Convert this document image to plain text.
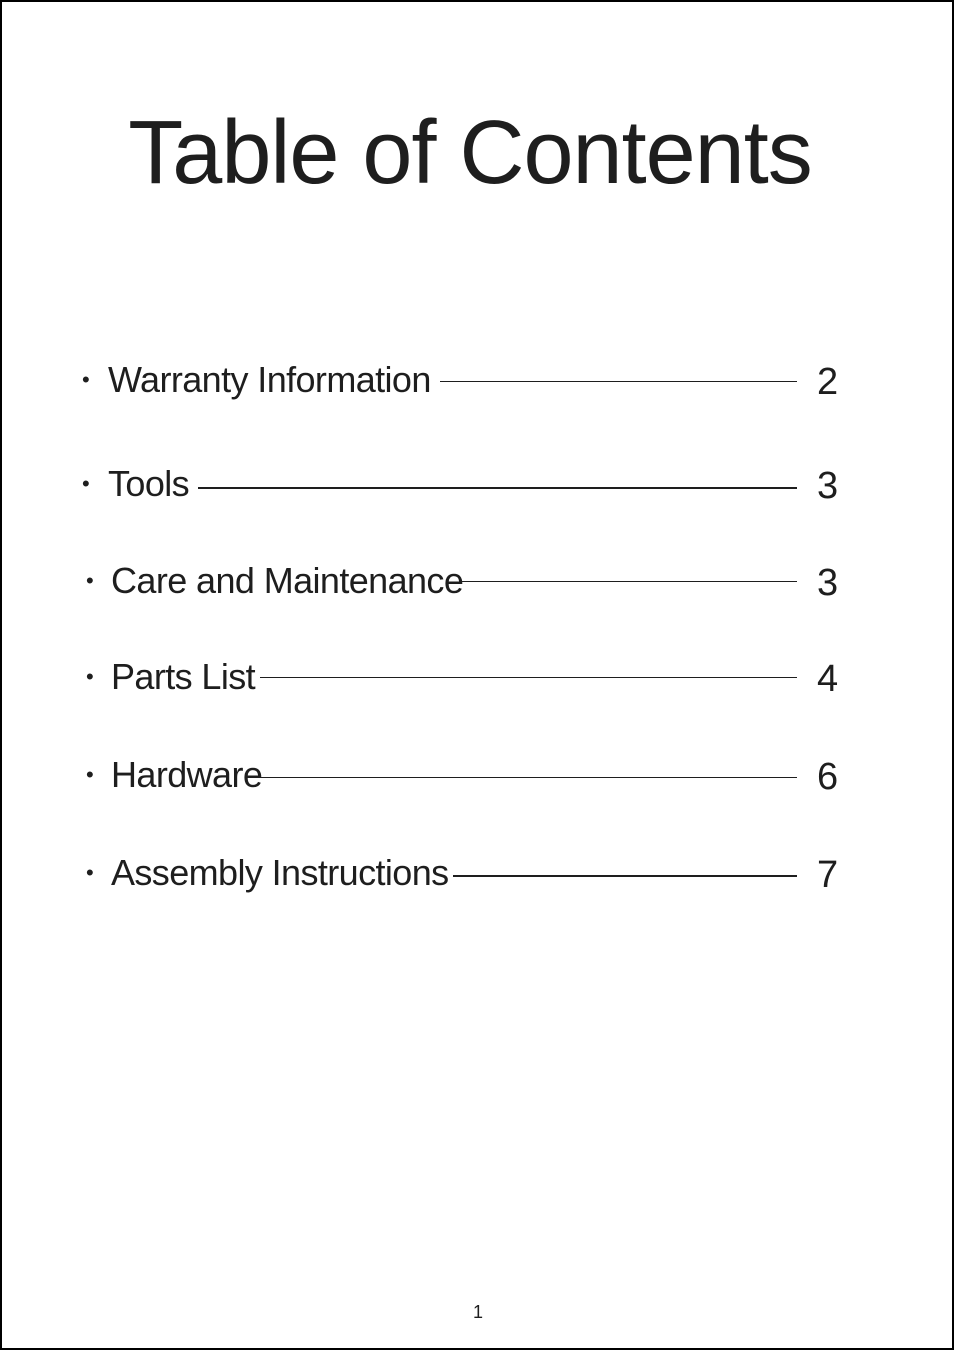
Table of Contents
• Warranty Information	2
• Tools	3
• Care and Maintenance	3
• Parts List	4
• Hardware	6
• Assembly Instructions	7
1
